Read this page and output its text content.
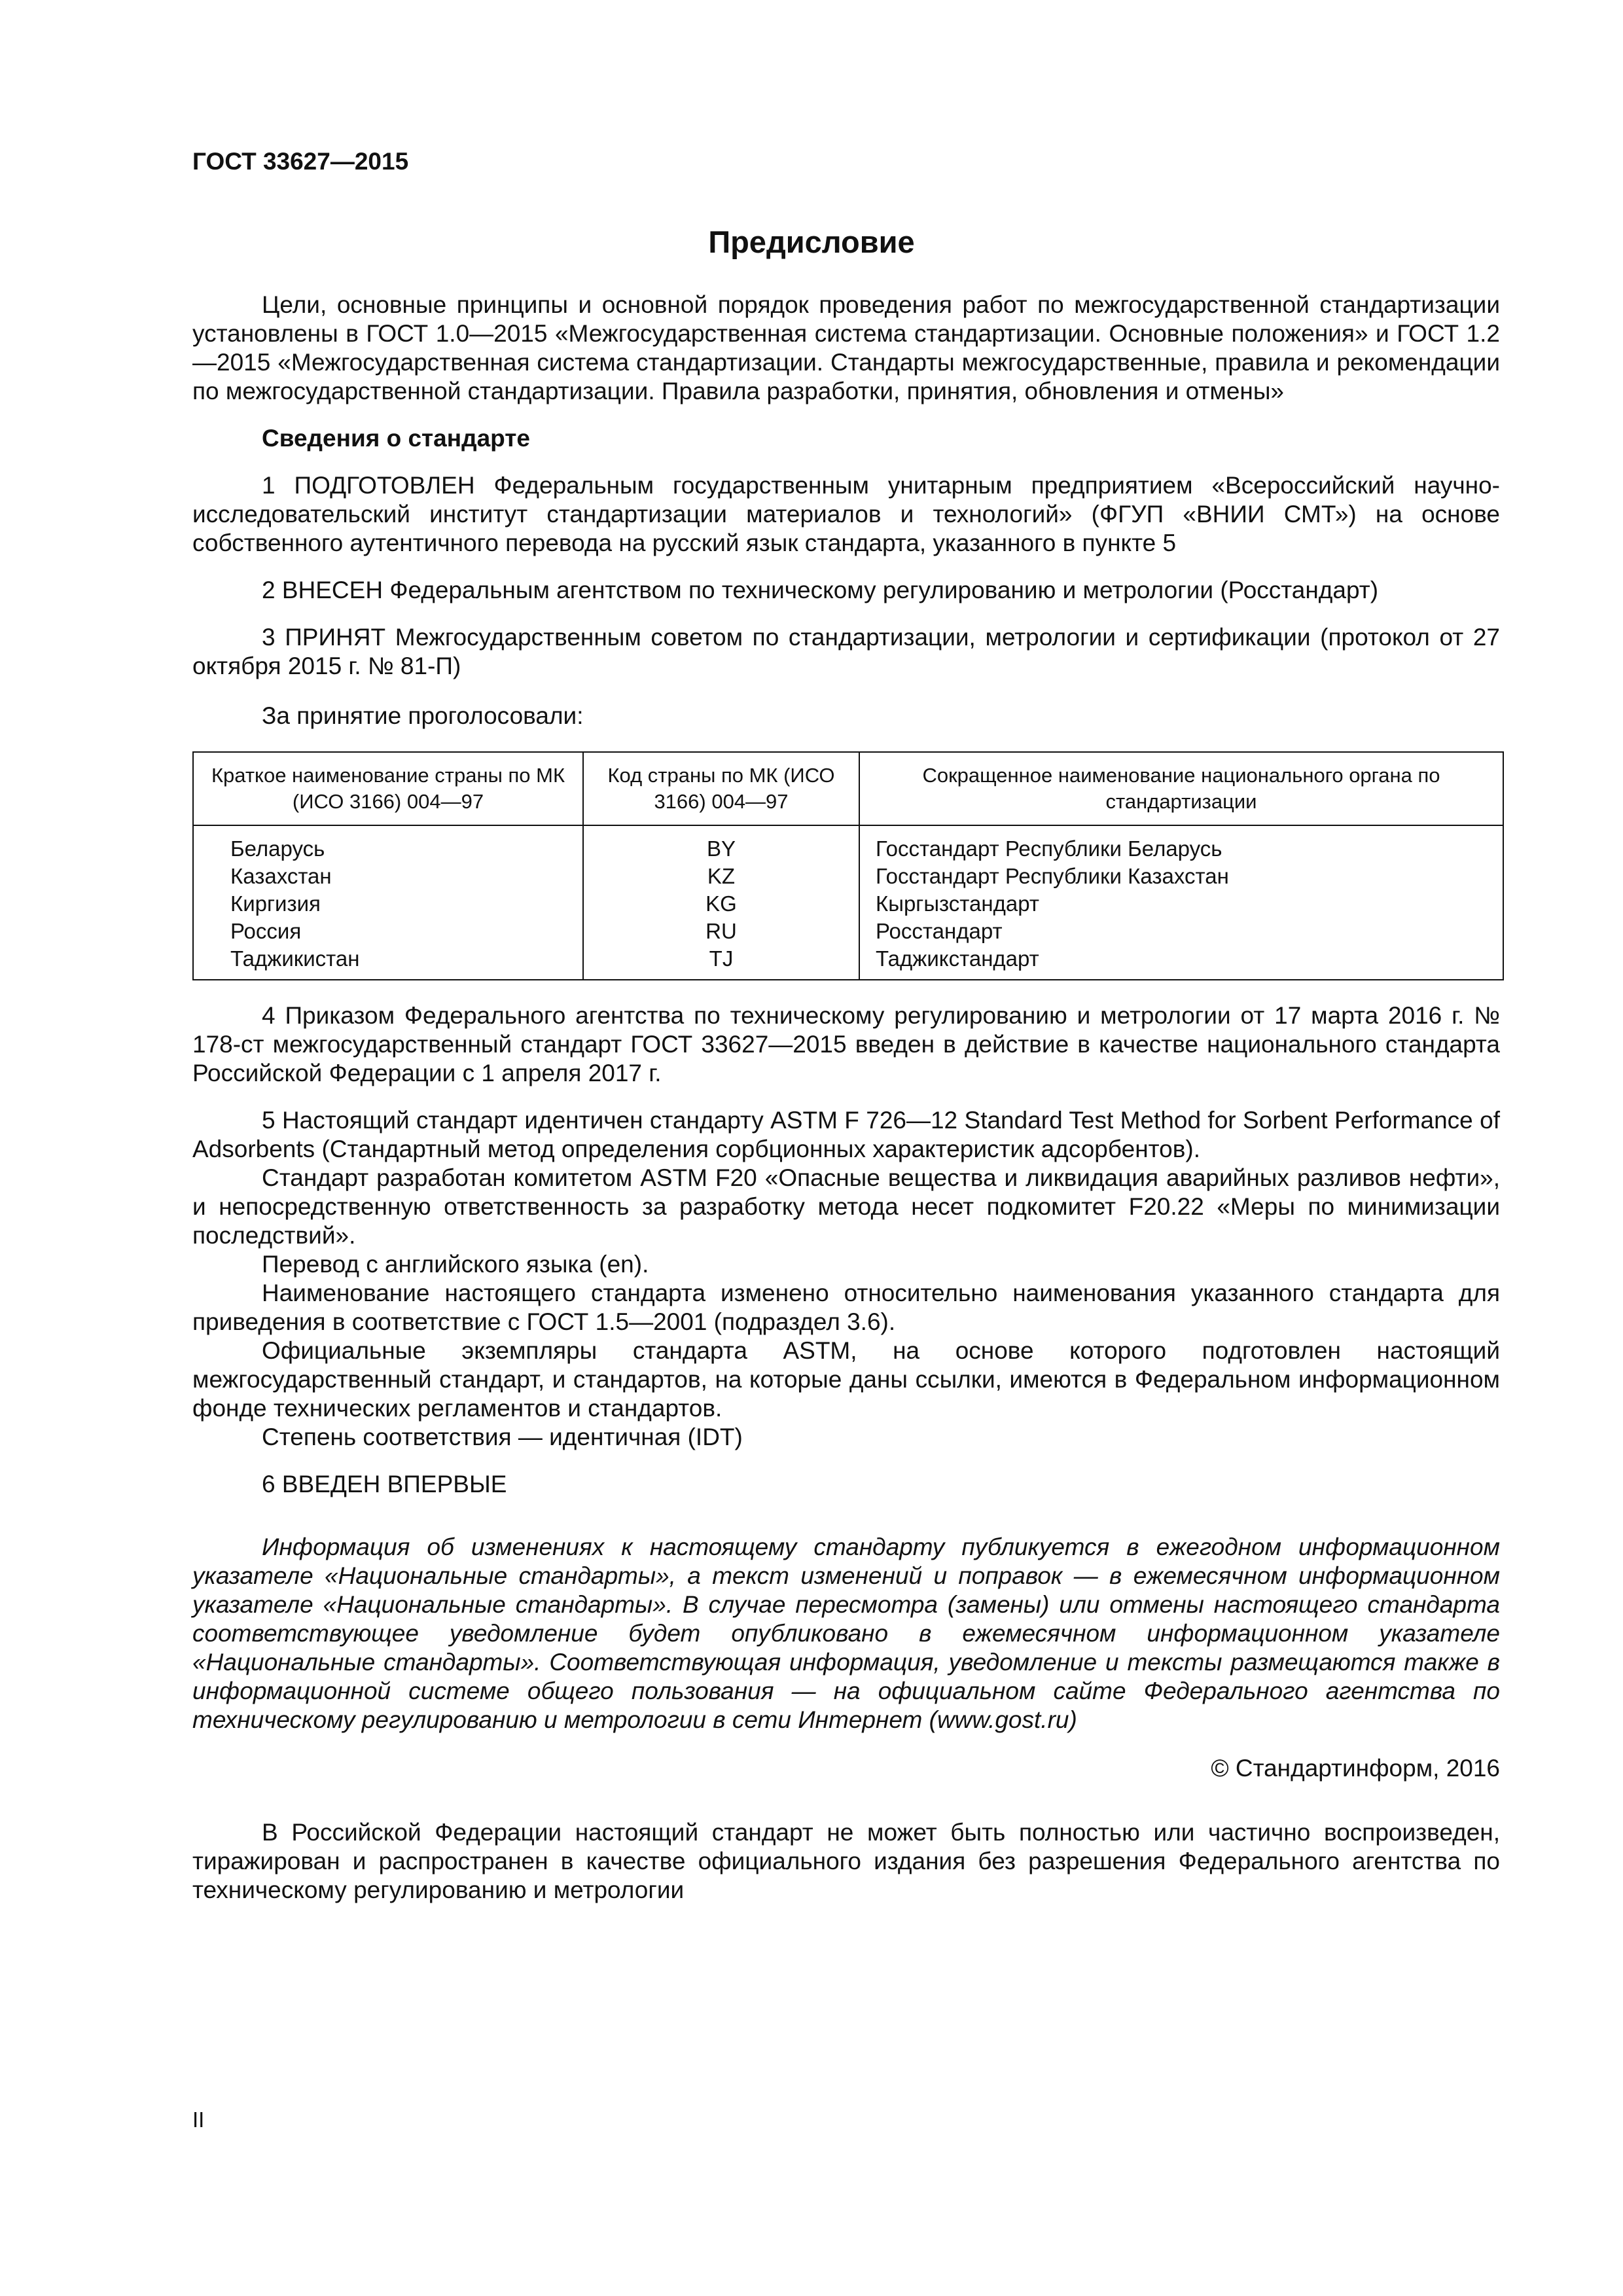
ГОСТ 33627—2015
Предисловие

Цели, основные принципы и основной порядок проведения работ по межгосударственной стандартизации установлены в ГОСТ 1.0—2015 «Межгосударственная система стандартизации. Основные положения» и ГОСТ 1.2—2015 «Межгосударственная система стандартизации. Стандарты межгосударственные, правила и рекомендации по межгосударственной стандартизации. Правила разработки, принятия, обновления и отмены»

Сведения о стандарте

1 ПОДГОТОВЛЕН Федеральным государственным унитарным предприятием «Всероссийский научно-исследовательский институт стандартизации материалов и технологий» (ФГУП «ВНИИ СМТ») на основе собственного аутентичного перевода на русский язык стандарта, указанного в пункте 5

2 ВНЕСЕН Федеральным агентством по техническому регулированию и метрологии (Росстандарт)

3 ПРИНЯТ Межгосударственным советом по стандартизации, метрологии и сертификации (протокол от 27 октября 2015 г. № 81-П)

За принятие проголосовали:

Краткое наименование страны по МК (ИСО 3166) 004—97	Код страны по МК (ИСО 3166) 004—97	Сокращенное наименование национального органа по стандартизации
Беларусь	BY	Госстандарт Республики Беларусь
Казахстан	KZ	Госстандарт Республики Казахстан
Киргизия	KG	Кыргызстандарт
Россия	RU	Росстандарт
Таджикистан	TJ	Таджикстандарт

4 Приказом Федерального агентства по техническому регулированию и метрологии от 17 марта 2016 г. № 178-ст межгосударственный стандарт ГОСТ 33627—2015 введен в действие в качестве национального стандарта Российской Федерации с 1 апреля 2017 г.

5 Настоящий стандарт идентичен стандарту ASTM F 726—12 Standard Test Method for Sorbent Performance of Adsorbents (Стандартный метод определения сорбционных характеристик адсорбентов).

Стандарт разработан комитетом ASTM F20 «Опасные вещества и ликвидация аварийных разливов нефти», и непосредственную ответственность за разработку метода несет подкомитет F20.22 «Меры по минимизации последствий».

Перевод с английского языка (en).

Наименование настоящего стандарта изменено относительно наименования указанного стандарта для приведения в соответствие с ГОСТ 1.5—2001 (подраздел 3.6).

Официальные экземпляры стандарта ASTM, на основе которого подготовлен настоящий межгосударственный стандарт, и стандартов, на которые даны ссылки, имеются в Федеральном информационном фонде технических регламентов и стандартов.

Степень соответствия — идентичная (IDT)

6 ВВЕДЕН ВПЕРВЫЕ

Информация об изменениях к настоящему стандарту публикуется в ежегодном информационном указателе «Национальные стандарты», а текст изменений и поправок — в ежемесячном информационном указателе «Национальные стандарты». В случае пересмотра (замены) или отмены настоящего стандарта соответствующее уведомление будет опубликовано в ежемесячном информационном указателе «Национальные стандарты». Соответствующая информация, уведомление и тексты размещаются также в информационной системе общего пользования — на официальном сайте Федерального агентства по техническому регулированию и метрологии в сети Интернет (www.gost.ru)

© Стандартинформ, 2016

В Российской Федерации настоящий стандарт не может быть полностью или частично воспроизведен, тиражирован и распространен в качестве официального издания без разрешения Федерального агентства по техническому регулированию и метрологии

II
